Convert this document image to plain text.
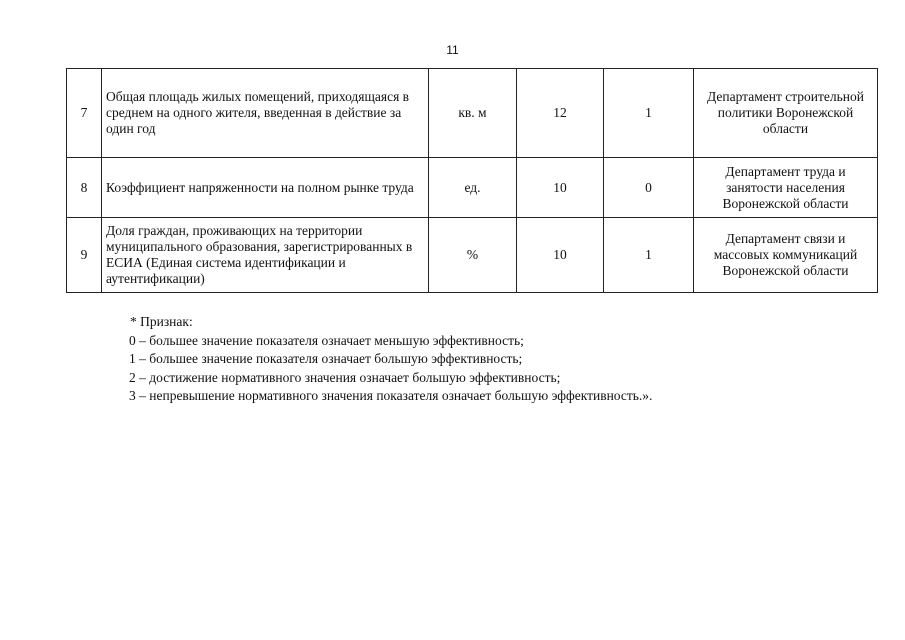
11
7	Общая площадь жилых помещений, приходящаяся в среднем на одного жителя, введенная в действие за один год	кв. м	12	1	Департамент строительной политики Воронежской области
8	Коэффициент напряженности на полном рынке труда	ед.	10	0	Департамент труда и занятости населения Воронежской области
9	Доля граждан, проживающих на территории муниципального образования, зарегистрированных в ЕСИА (Единая система идентификации и аутентификации)	%	10	1	Департамент связи и массовых коммуникаций Воронежской области
* Признак:
0 – большее значение показателя означает меньшую эффективность;
1 – большее значение показателя означает большую эффективность;
2 – достижение нормативного значения означает большую эффективность;
3 – непревышение нормативного значения показателя означает большую эффективность.».
